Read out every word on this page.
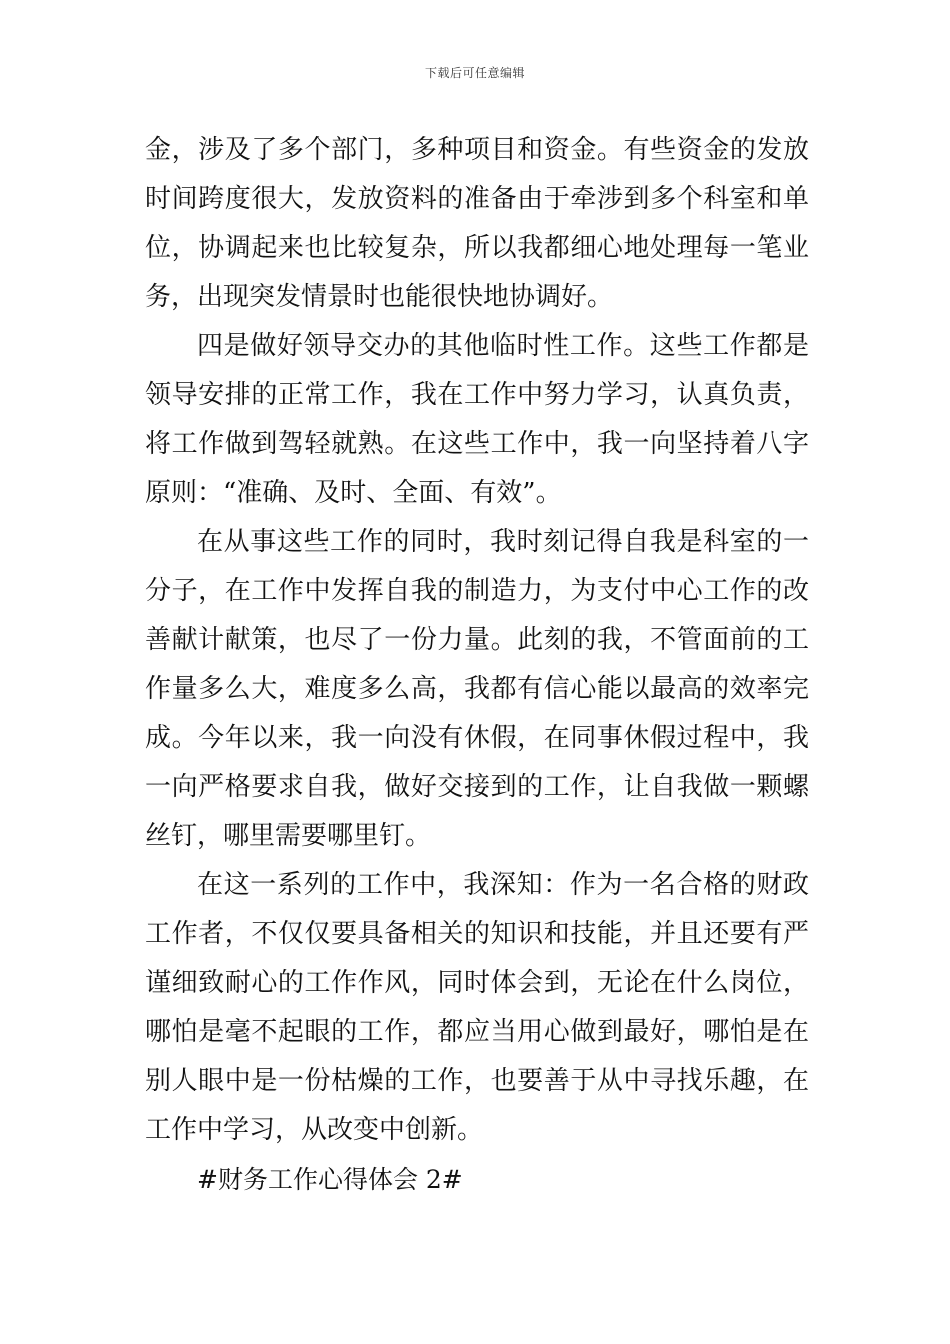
下载后可任意编辑

金，涉及了多个部门，多种项目和资金。有些资金的发放时间跨度很大，发放资料的准备由于牵涉到多个科室和单位，协调起来也比较复杂，所以我都细心地处理每一笔业务，出现突发情景时也能很快地协调好。

四是做好领导交办的其他临时性工作。这些工作都是领导安排的正常工作，我在工作中努力学习，认真负责，将工作做到驾轻就熟。在这些工作中，我一向坚持着八字原则：“准确、及时、全面、有效”。

在从事这些工作的同时，我时刻记得自我是科室的一分子，在工作中发挥自我的制造力，为支付中心工作的改善献计献策，也尽了一份力量。此刻的我，不管面前的工作量多么大，难度多么高，我都有信心能以最高的效率完成。今年以来，我一向没有休假，在同事休假过程中，我一向严格要求自我，做好交接到的工作，让自我做一颗螺丝钉，哪里需要哪里钉。

在这一系列的工作中，我深知：作为一名合格的财政工作者，不仅仅要具备相关的知识和技能，并且还要有严谨细致耐心的工作作风，同时体会到，无论在什么岗位，哪怕是毫不起眼的工作，都应当用心做到最好，哪怕是在别人眼中是一份枯燥的工作，也要善于从中寻找乐趣，在工作中学习，从改变中创新。

#财务工作心得体会 2#
